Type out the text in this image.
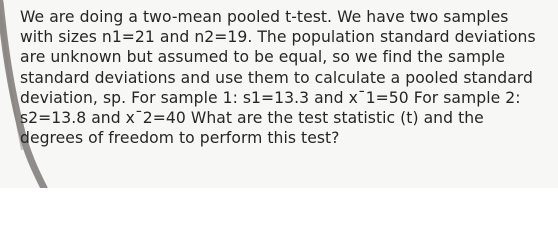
We are doing a two-mean pooled t-test. We have two samples
with sizes n1=21 and n2=19. The population standard deviations
are unknown but assumed to be equal, so we find the sample
standard deviations and use them to calculate a pooled standard
deviation, sp. For sample 1: s1=13.3 and x¯1=50 For sample 2:
s2=13.8 and x¯2=40 What are the test statistic (t) and the
degrees of freedom to perform this test?
